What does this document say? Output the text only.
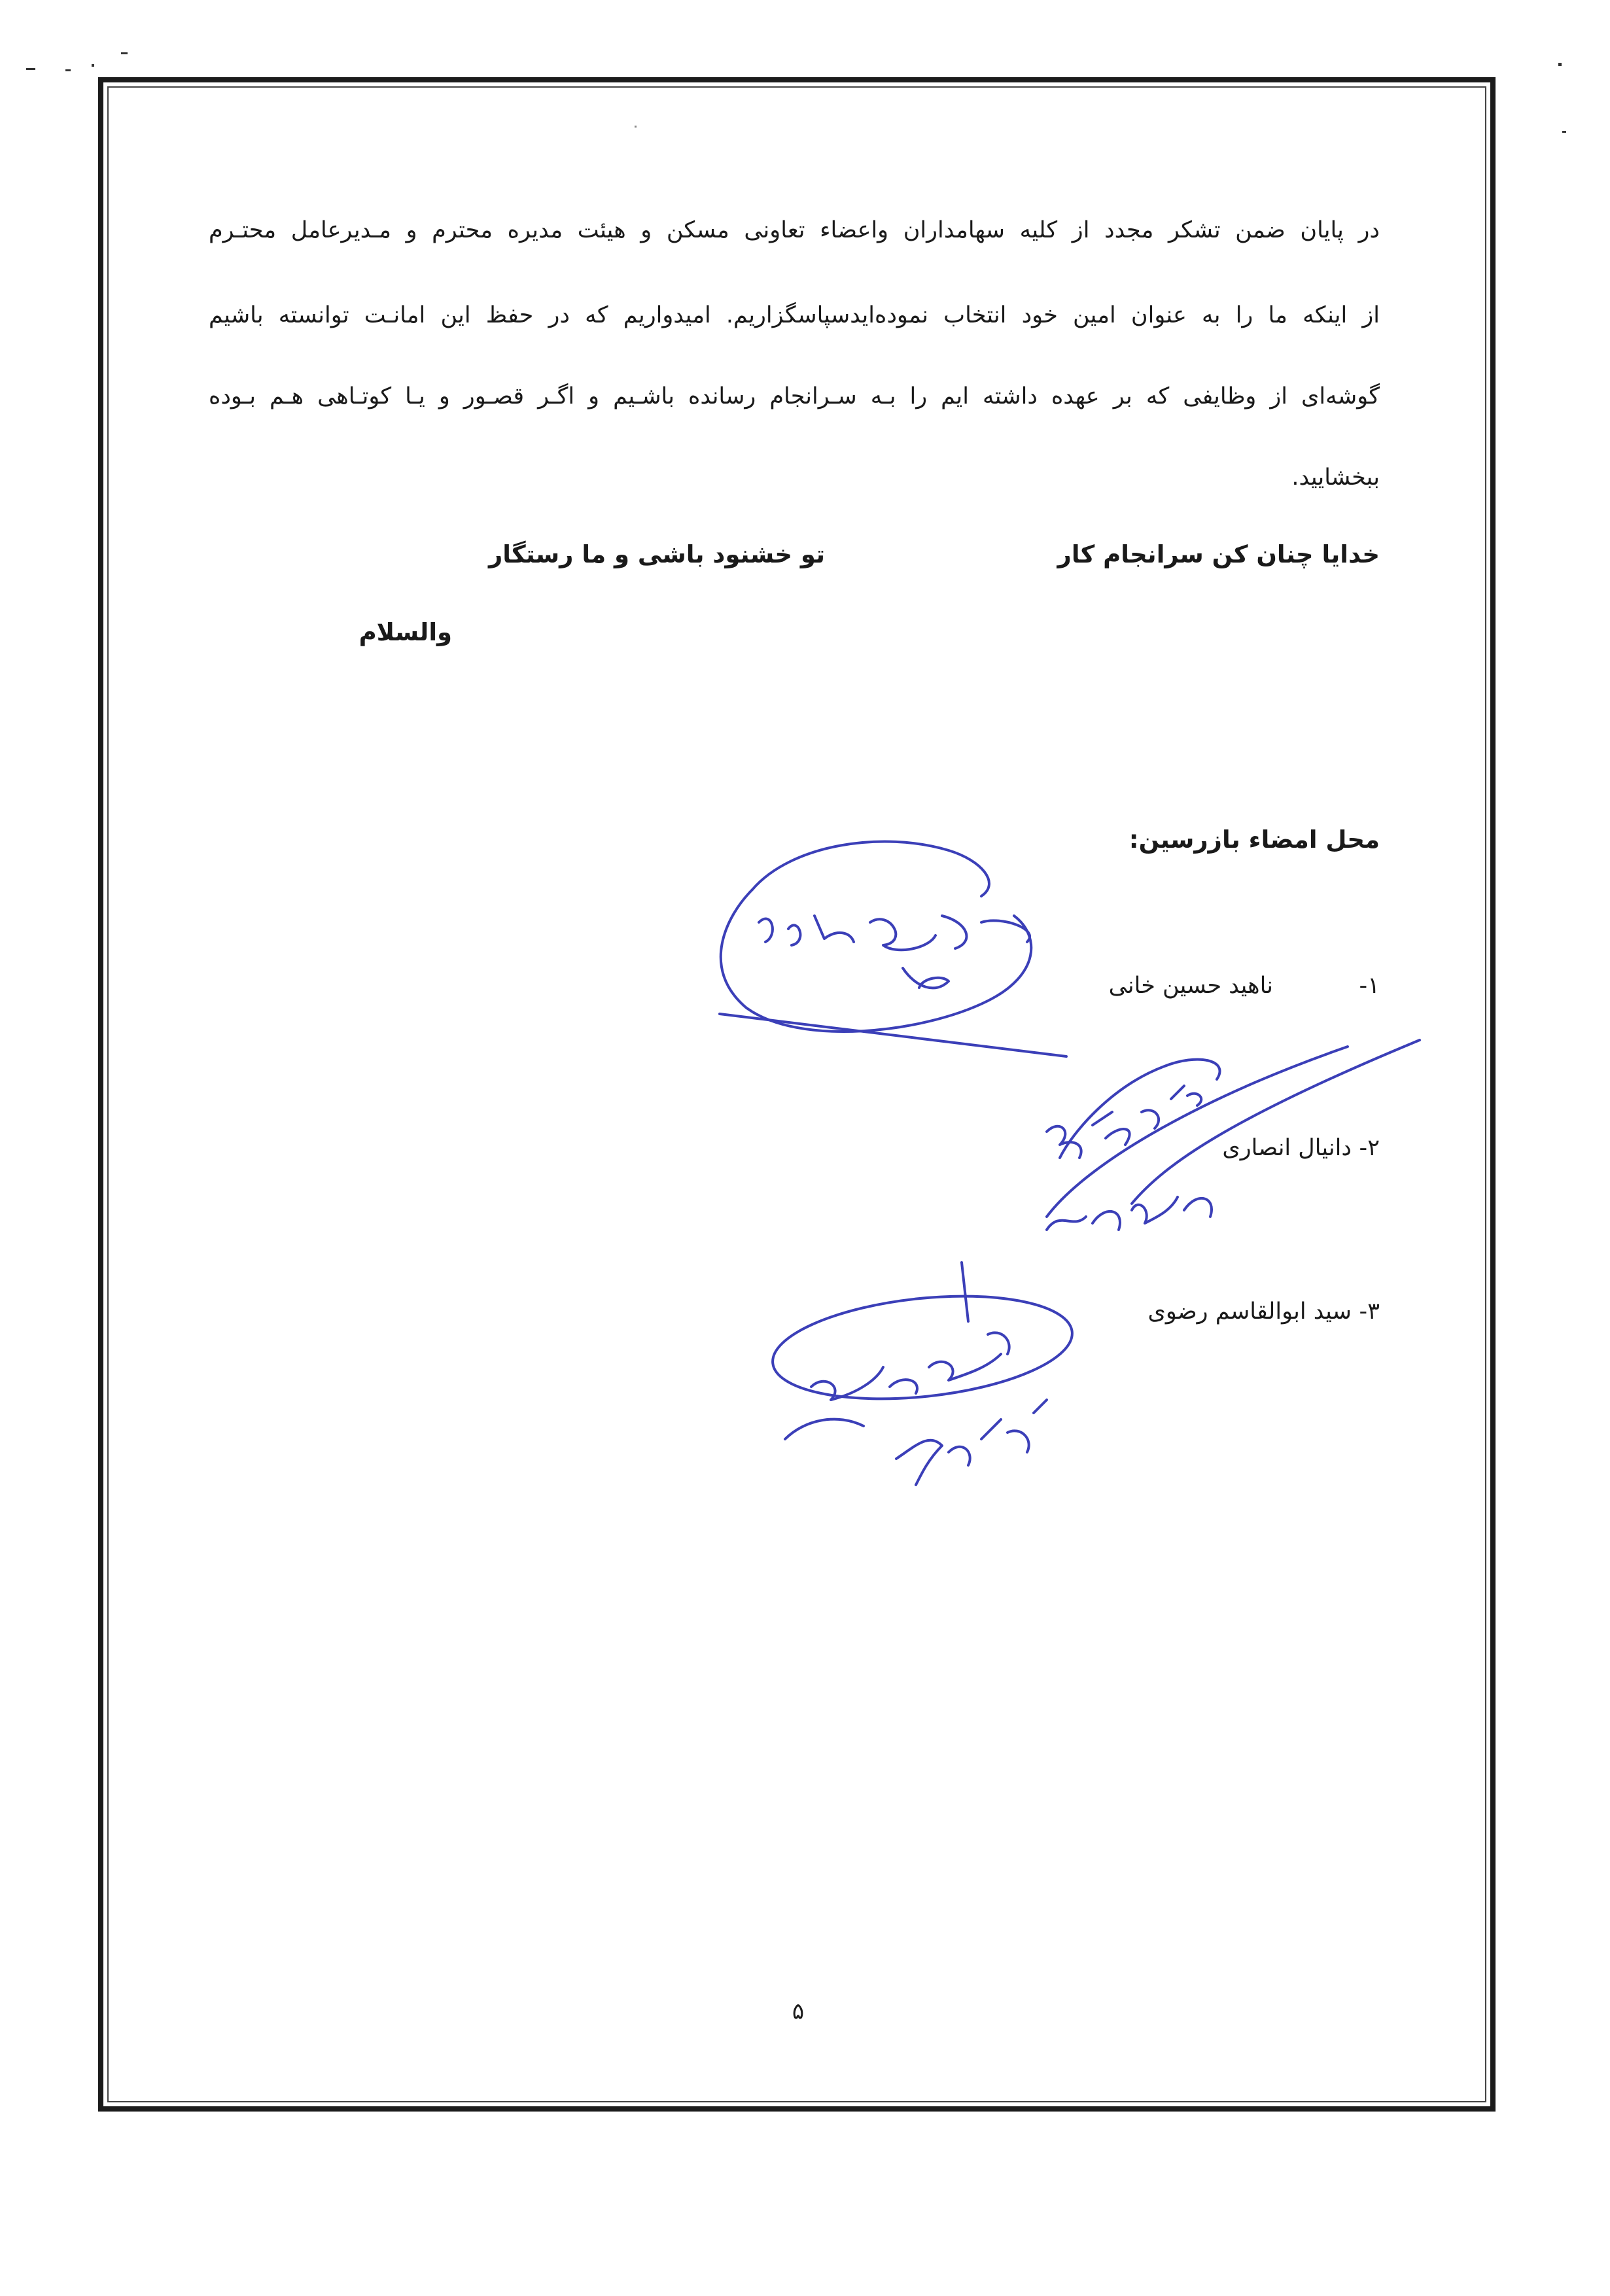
در پایان ضمن تشکر مجدد از کلیه سهامداران واعضاء تعاونی مسکن و هیئت مدیره محترم و مـدیرعامل محتـرم
از اینکه ما را به عنوان امین خود انتخاب نموده‌ایدسپاسگزاریم. امیدواریم که در حفظ این امانـت توانسته باشیم
گوشه‌ای از وظایفی که بر عهده داشته ایم را بـه سـرانجام رسانده باشـیم و اگـر قصـور و یـا کوتـاهی هـم بـوده
ببخشایید.
خدایا چنان کن سرانجام کار
تو خشنود باشی و ما رستگار
والسلام
محل امضاء بازرسین:
۱-
ناهید حسین خانی
۲-
دانیال انصاری
۳-
سید ابوالقاسم رضوی
۵
